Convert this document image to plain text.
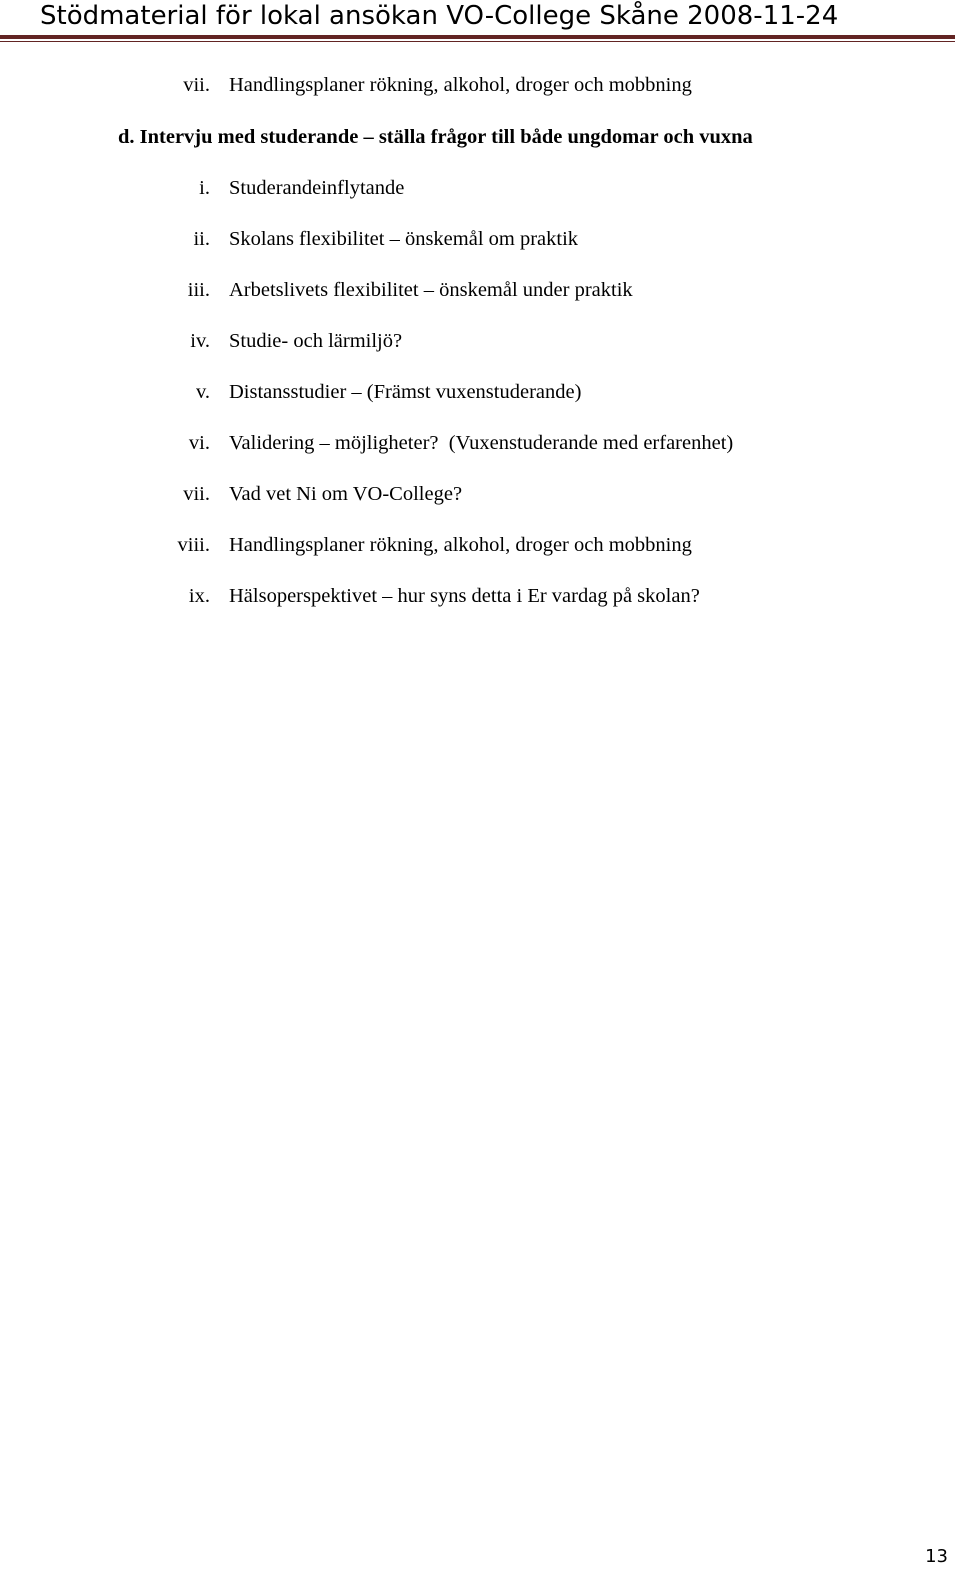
Stödmaterial för lokal ansökan VO-College Skåne 2008-11-24
vii. Handlingsplaner rökning, alkohol, droger och mobbning
d. Intervju med studerande – ställa frågor till både ungdomar och vuxna
i. Studerandeinflytande
ii. Skolans flexibilitet – önskemål om praktik
iii. Arbetslivets flexibilitet – önskemål under praktik
iv. Studie- och lärmiljö?
v. Distansstudier – (Främst vuxenstuderande)
vi. Validering – möjligheter?  (Vuxenstuderande med erfarenhet)
vii. Vad vet Ni om VO-College?
viii. Handlingsplaner rökning, alkohol, droger och mobbning
ix. Hälsoperspektivet – hur syns detta i Er vardag på skolan?
13
